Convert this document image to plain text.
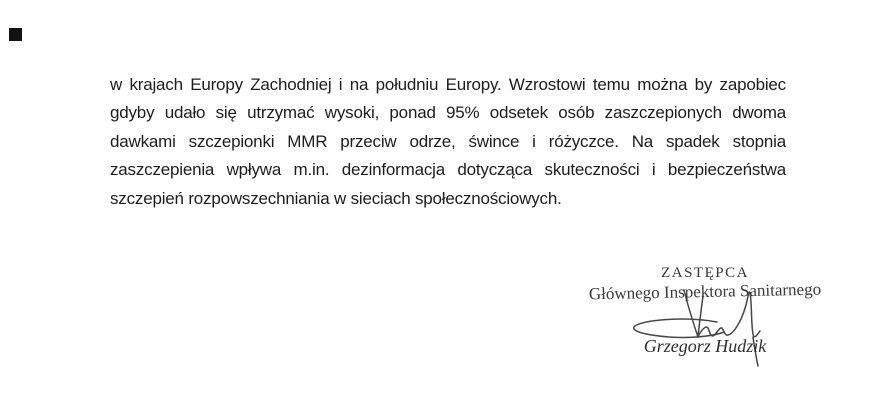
w krajach Europy Zachodniej i na południu Europy. Wzrostowi temu można by zapobiec
gdyby udało się utrzymać wysoki, ponad 95% odsetek osób zaszczepionych dwoma
dawkami szczepionki MMR przeciw odrze, śwince i różyczce. Na spadek stopnia
zaszczepienia wpływa m.in. dezinformacja dotycząca skuteczności i bezpieczeństwa
szczepień rozpowszechniania w sieciach społecznościowych.
ZASTĘPCA
Głównego Inspektora Sanitarnego
Grzegorz Hudzik
